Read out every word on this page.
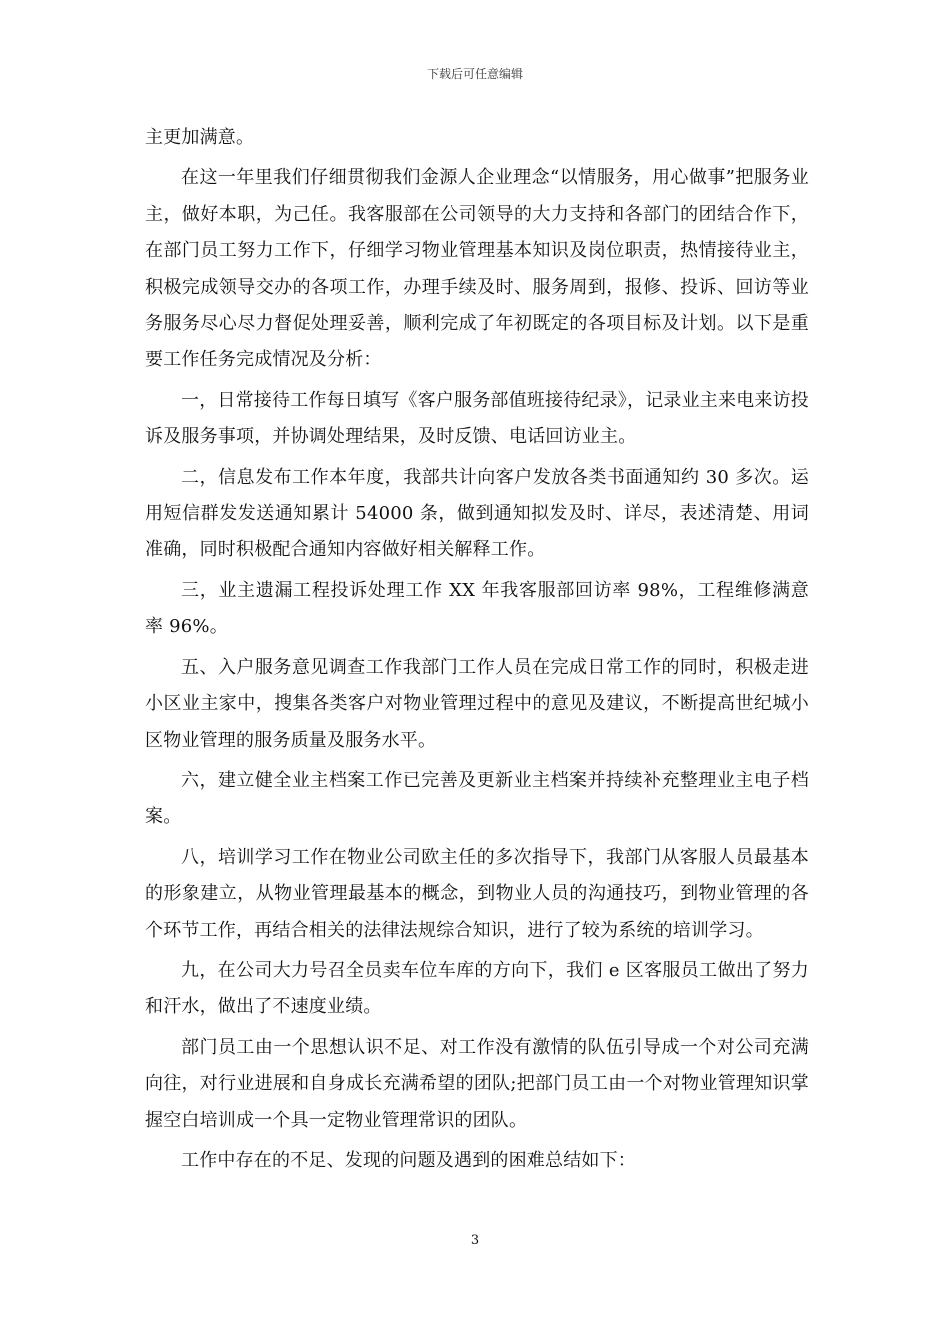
下载后可任意编辑

主更加满意。

在这一年里我们仔细贯彻我们金源人企业理念“以情服务，用心做事”把服务业主，做好本职，为己任。我客服部在公司领导的大力支持和各部门的团结合作下，在部门员工努力工作下，仔细学习物业管理基本知识及岗位职责，热情接待业主，积极完成领导交办的各项工作，办理手续及时、服务周到，报修、投诉、回访等业务服务尽心尽力督促处理妥善，顺利完成了年初既定的各项目标及计划。以下是重要工作任务完成情况及分析：

一，日常接待工作每日填写《客户服务部值班接待纪录》，记录业主来电来访投诉及服务事项，并协调处理结果，及时反馈、电话回访业主。

二，信息发布工作本年度，我部共计向客户发放各类书面通知约 30 多次。运用短信群发发送通知累计 54000 条，做到通知拟发及时、详尽，表述清楚、用词准确，同时积极配合通知内容做好相关解释工作。

三，业主遗漏工程投诉处理工作 XX 年我客服部回访率 98%，工程维修满意率 96%。

五、入户服务意见调查工作我部门工作人员在完成日常工作的同时，积极走进小区业主家中，搜集各类客户对物业管理过程中的意见及建议，不断提高世纪城小区物业管理的服务质量及服务水平。

六，建立健全业主档案工作已完善及更新业主档案并持续补充整理业主电子档案。

八，培训学习工作在物业公司欧主任的多次指导下，我部门从客服人员最基本的形象建立，从物业管理最基本的概念，到物业人员的沟通技巧，到物业管理的各个环节工作，再结合相关的法律法规综合知识，进行了较为系统的培训学习。

九，在公司大力号召全员卖车位车库的方向下，我们 e 区客服员工做出了努力和汗水，做出了不速度业绩。

部门员工由一个思想认识不足、对工作没有激情的队伍引导成一个对公司充满向往，对行业进展和自身成长充满希望的团队;把部门员工由一个对物业管理知识掌握空白培训成一个具一定物业管理常识的团队。

工作中存在的不足、发现的问题及遇到的困难总结如下：

3
